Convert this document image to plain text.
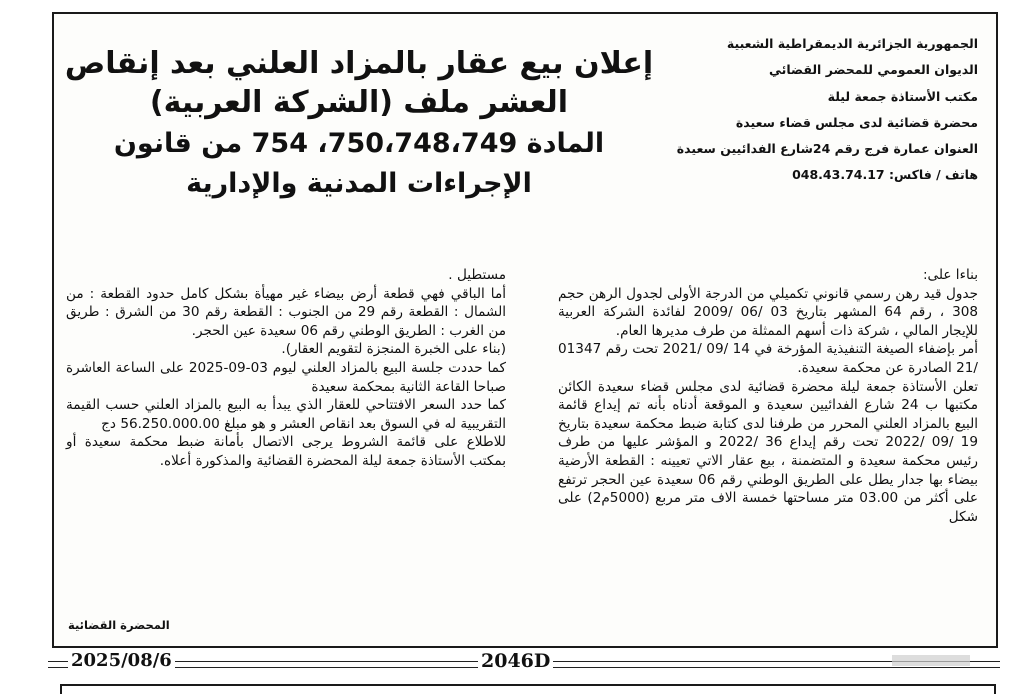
الجمهورية الجزائرية الديمقراطية الشعبية
الديوان العمومي للمحضر القضائي
مكتب الأستاذة جمعة ليلة
محضرة قضائية لدى مجلس قضاء سعيدة
العنوان عمارة فرج رقم 24شارع الفدائيين سعيدة
هاتف / فاكس: 048.43.74.17
إعلان بيع عقار بالمزاد العلني بعد إنقاص
العشر ملف (الشركة العربية)
المادة 750،748،749، 754 من قانون
الإجراءات المدنية والإدارية

بناءا على:

جدول قيد رهن رسمي قانوني تكميلي من الدرجة الأولى لجدول الرهن حجم 308 ، رقم 64 المشهر بتاريخ 03 /06 /2009 لفائدة الشركة العربية للإيجار المالي ، شركة ذات أسهم الممثلة من طرف مديرها العام.

أمر بإضفاء الصيغة التنفيذية المؤرخة في 14 /09 /2021 تحت رقم 01347 /21 الصادرة عن محكمة سعيدة.

تعلن الأستاذة جمعة ليلة محضرة قضائية لدى مجلس قضاء سعيدة الكائن مكتبها ب 24 شارع الفدائيين سعيدة و الموقعة أدناه بأنه تم إيداع قائمة البيع بالمزاد العلني المحرر من طرفنا لدى كتابة ضبط محكمة سعيدة بتاريخ 19 /09 /2022 تحت رقم إيداع 36 /2022 و المؤشر عليها من طرف رئيس محكمة سعيدة و المتضمنة ، بيع عقار الاتي تعيينه : القطعة الأرضية بيضاء بها جدار يطل على الطريق الوطني رقم 06 سعيدة عين الحجر ترتفع على أكثر من 03.00 متر مساحتها خمسة الاف متر مربع (5000م2) على شكل

مستطيل .

أما الباقي فهي قطعة أرض بيضاء غير مهيأة بشكل كامل حدود القطعة : من الشمال : القطعة رقم 29 من الجنوب : القطعة رقم 30 من الشرق : طريق من الغرب : الطريق الوطني رقم 06 سعيدة عين الحجر.

(بناء على الخبرة المنجزة لتقويم العقار).

كما حددت جلسة البيع بالمزاد العلني ليوم 03-09-2025 على الساعة العاشرة صباحا القاعة الثانية بمحكمة سعيدة

كما حدد السعر الافتتاحي للعقار الذي يبدأ به البيع بالمزاد العلني حسب القيمة التقريبية له في السوق بعد انقاص العشر و هو مبلغ 56.250.000.00 دج

للاطلاع على قائمة الشروط يرجى الاتصال بأمانة ضبط محكمة سعيدة أو بمكتب الأستاذة جمعة ليلة المحضرة القضائية والمذكورة أعلاه.

المحضرة القضائية
2025/08/6	2046D
